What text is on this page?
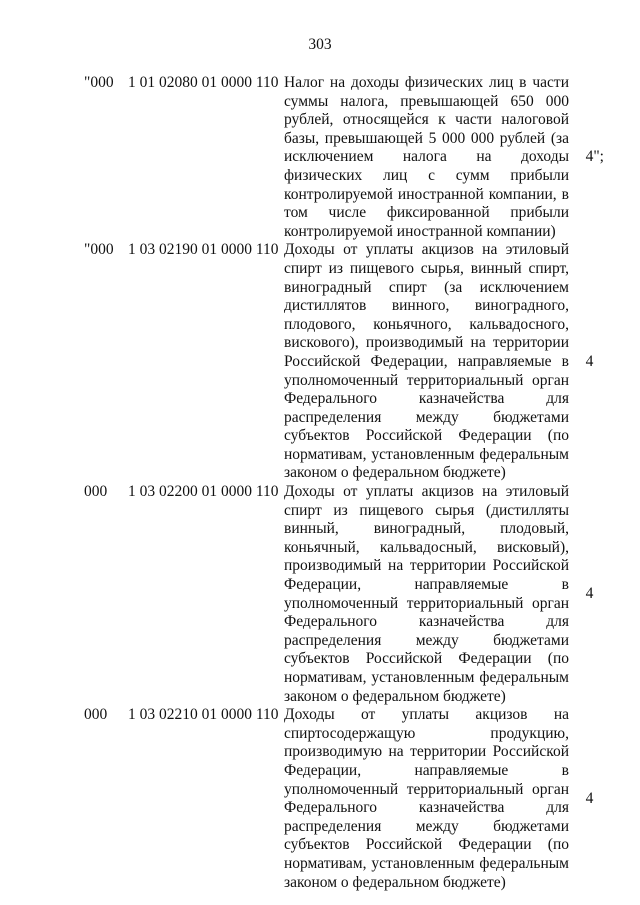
303
"000 1 01 02080 01 0000 110 Налог на доходы физических лиц в части суммы налога, превышающей 650 000 рублей, относящейся к части налоговой базы, превышающей 5 000 000 рублей (за исключением налога на доходы физических лиц с сумм прибыли контролируемой иностранной компании, в том числе фиксированной прибыли контролируемой иностранной компании)
4";
"000 1 03 02190 01 0000 110 Доходы от уплаты акцизов на этиловый спирт из пищевого сырья, винный спирт, виноградный спирт (за исключением дистиллятов винного, виноградного, плодового, коньячного, кальвадосного, вискового), производимый на территории Российской Федерации, направляемые в уполномоченный территориальный орган Федерального казначейства для распределения между бюджетами субъектов Российской Федерации (по нормативам, установленным федеральным законом о федеральном бюджете)
4
000	1 03 02200 01 0000 110 Доходы от уплаты акцизов на этиловый спирт из пищевого сырья (дистилляты винный, виноградный, плодовый, коньячный, кальвадосный, висковый), производимый на территории Российской Федерации, направляемые в уполномоченный территориальный орган Федерального казначейства для распределения между бюджетами субъектов Российской Федерации (по нормативам, установленным федеральным законом о федеральном бюджете)
4
000	1 03 02210 01 0000 110 Доходы от уплаты акцизов на спиртосодержащую продукцию, производимую на территории Российской Федерации, направляемые в уполномоченный территориальный орган Федерального казначейства для распределения между бюджетами субъектов Российской Федерации (по нормативам, установленным федеральным законом о федеральном бюджете)
4
